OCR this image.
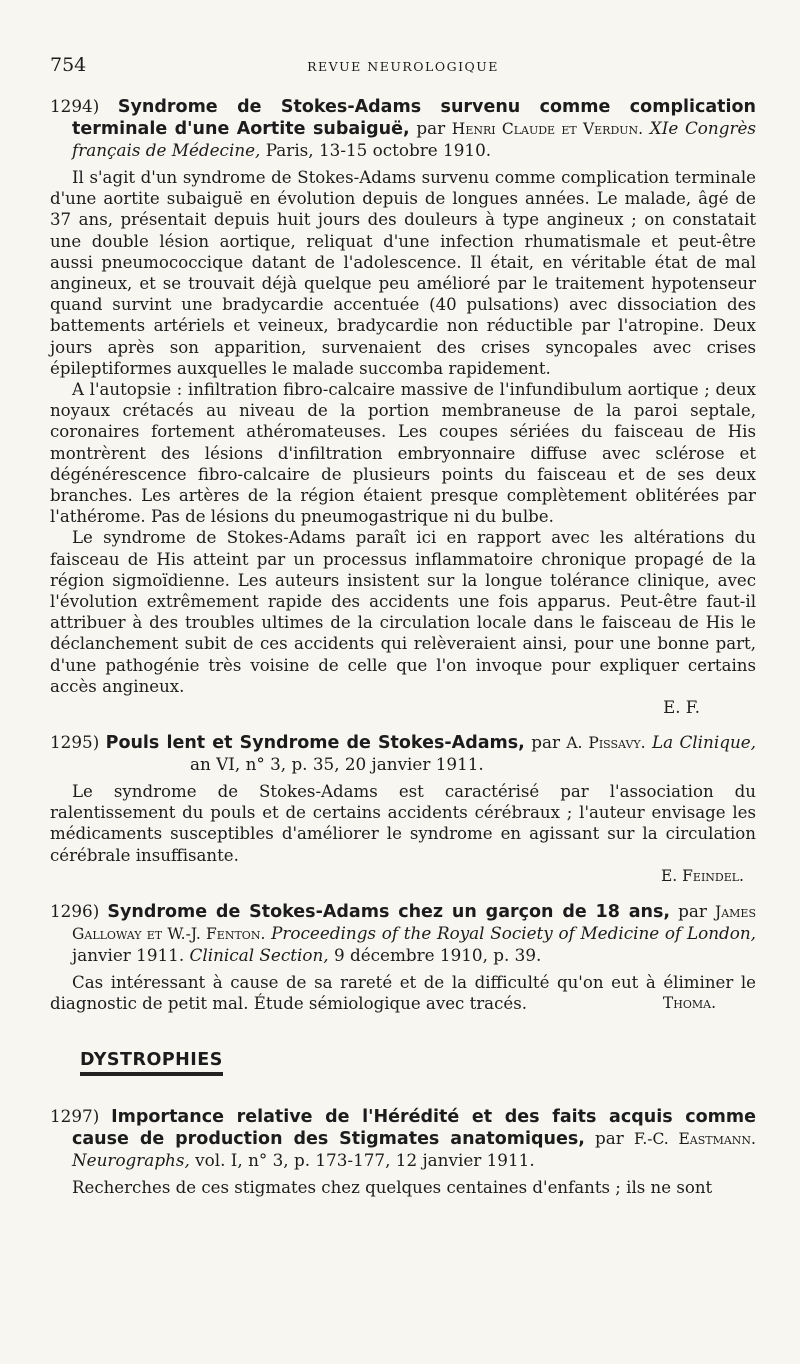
754	REVUE NEUROLOGIQUE

1294) Syndrome de Stokes-Adams survenu comme complication terminale d'une Aortite subaiguë, par Henri Claude et Verdun. XIe Congrès français de Médecine, Paris, 13-15 octobre 1910.

Il s'agit d'un syndrome de Stokes-Adams survenu comme complication terminale d'une aortite subaiguë en évolution depuis de longues années. Le malade, âgé de 37 ans, présentait depuis huit jours des douleurs à type angineux ; on constatait une double lésion aortique, reliquat d'une infection rhumatismale et peut-être aussi pneumococcique datant de l'adolescence. Il était, en véritable état de mal angineux, et se trouvait déjà quelque peu amélioré par le traitement hypotenseur quand survint une bradycardie accentuée (40 pulsations) avec dissociation des battements artériels et veineux, bradycardie non réductible par l'atropine. Deux jours après son apparition, survenaient des crises syncopales avec crises épileptiformes auxquelles le malade succomba rapidement.

A l'autopsie : infiltration fibro-calcaire massive de l'infundibulum aortique ; deux noyaux crétacés au niveau de la portion membraneuse de la paroi septale, coronaires fortement athéromateuses. Les coupes sériées du faisceau de His montrèrent des lésions d'infiltration embryonnaire diffuse avec sclérose et dégénérescence fibro-calcaire de plusieurs points du faisceau et de ses deux branches. Les artères de la région étaient presque complètement oblitérées par l'athérome. Pas de lésions du pneumogastrique ni du bulbe.

Le syndrome de Stokes-Adams paraît ici en rapport avec les altérations du faisceau de His atteint par un processus inflammatoire chronique propagé de la région sigmoïdienne. Les auteurs insistent sur la longue tolérance clinique, avec l'évolution extrêmement rapide des accidents une fois apparus. Peut-être faut-il attribuer à des troubles ultimes de la circulation locale dans le faisceau de His le déclanchement subit de ces accidents qui relèveraient ainsi, pour une bonne part, d'une pathogénie très voisine de celle que l'on invoque pour expliquer certains accès angineux.

E. F.

1295) Pouls lent et Syndrome de Stokes-Adams, par A. Pissavy. La Clinique, an VI, n° 3, p. 35, 20 janvier 1911.

Le syndrome de Stokes-Adams est caractérisé par l'association du ralentissement du pouls et de certains accidents cérébraux ; l'auteur envisage les médicaments susceptibles d'améliorer le syndrome en agissant sur la circulation cérébrale insuffisante.

E. Feindel.

1296) Syndrome de Stokes-Adams chez un garçon de 18 ans, par James Galloway et W.-J. Fenton. Proceedings of the Royal Society of Medicine of London, janvier 1911. Clinical Section, 9 décembre 1910, p. 39.

Cas intéressant à cause de sa rareté et de la difficulté qu'on eut à éliminer le diagnostic de petit mal. Étude sémiologique avec tracés.	Thoma.
DYSTROPHIES

1297) Importance relative de l'Hérédité et des faits acquis comme cause de production des Stigmates anatomiques, par F.-C. Eastmann. Neurographs, vol. I, n° 3, p. 173-177, 12 janvier 1911.

Recherches de ces stigmates chez quelques centaines d'enfants ; ils ne sont
